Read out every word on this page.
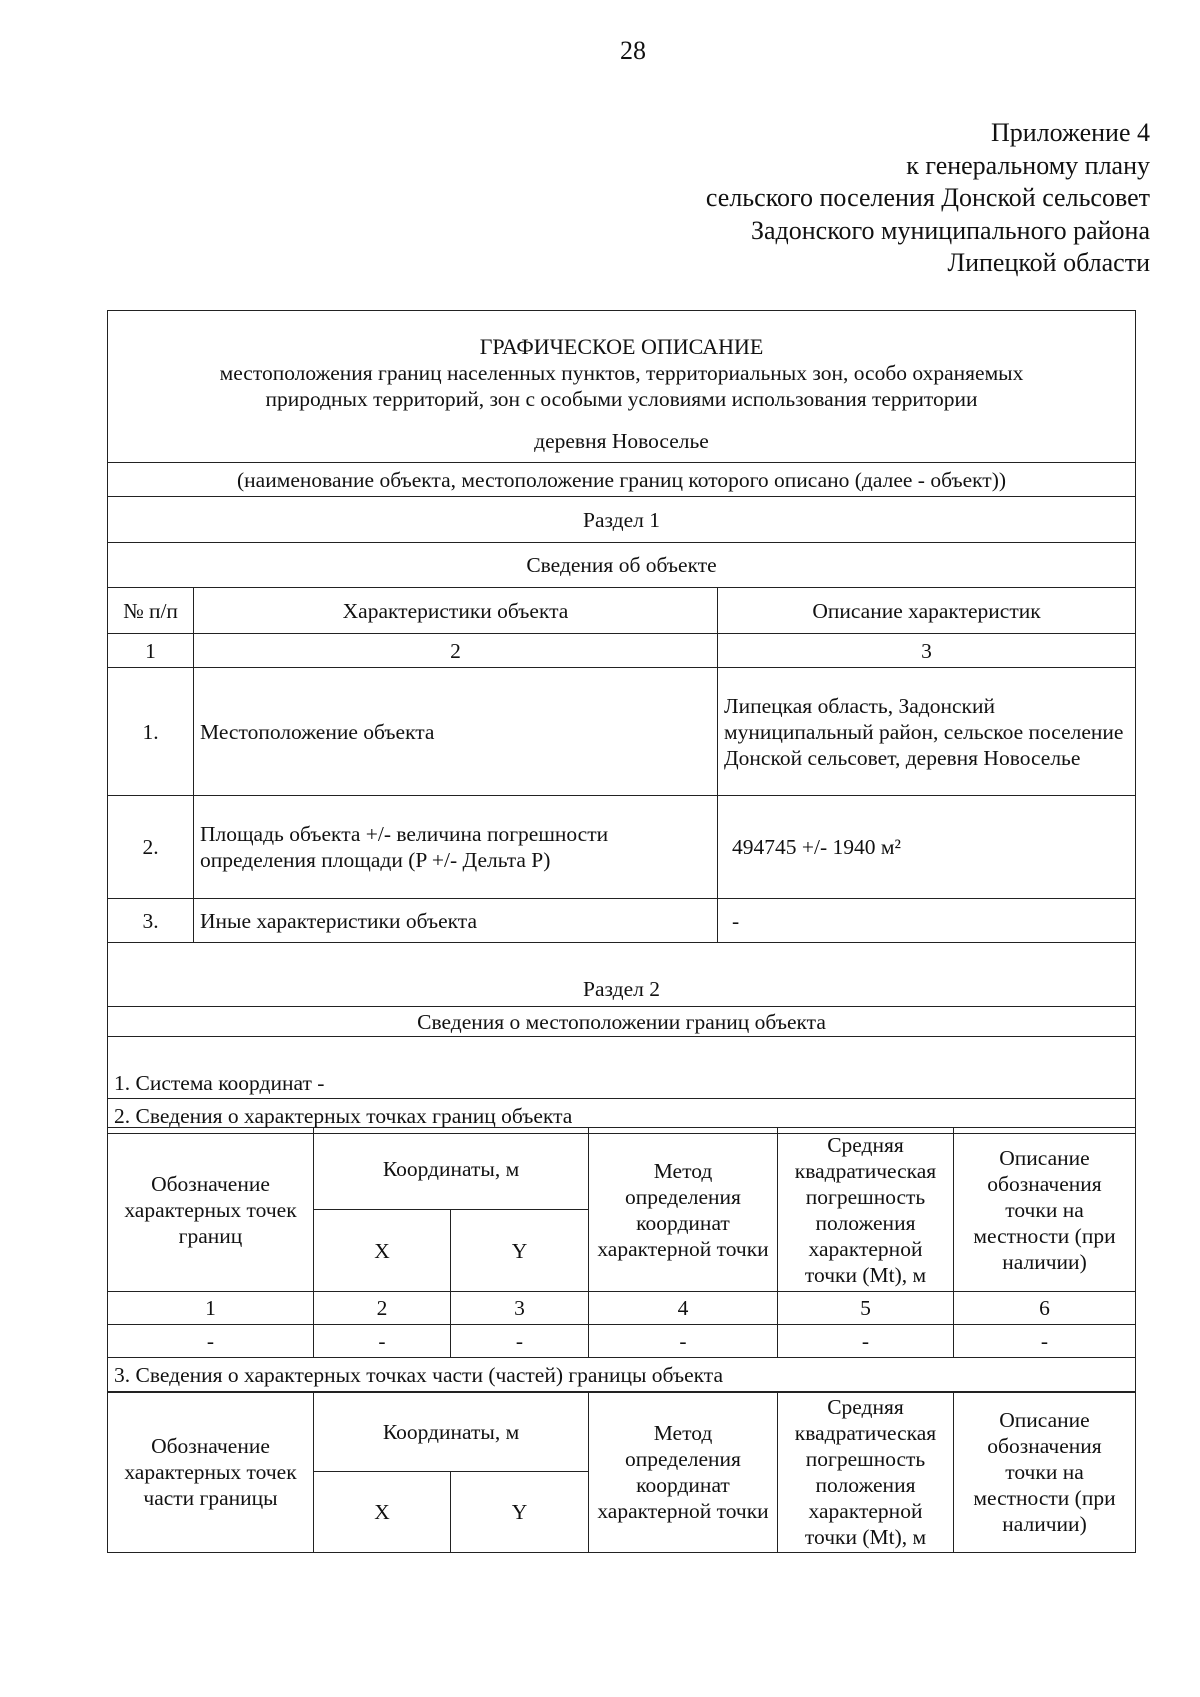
28
Приложение 4
к генеральному плану
сельского поселения Донской сельсовет
Задонского муниципального района
Липецкой области
ГРАФИЧЕСКОЕ ОПИСАНИЕ
местоположения границ населенных пунктов, территориальных зон, особо охраняемых
природных территорий, зон с особыми условиями использования территории
деревня Новоселье		

(наименование объекта, местоположение границ которого описано (далее - объект))		
Раздел 1		
Сведения об объекте		
№ п/п	Характеристики объекта	Описание характеристик
1	2	3
1.	Местоположение объекта	Липецкая область, Задонский муниципальный район, сельское поселение Донской сельсовет, деревня Новоселье
2.	Площадь объекта +/- величина погрешности определения площади (P +/- Дельта P)	494745 +/- 1940 м²
3.	Иные характеристики объекта	-
Раздел 2		
Сведения о местоположении границ объекта		
1. Система координат -		
2. Сведения о характерных точках границ объекта		
Обозначение характерных точек границ	Координаты, м		Метод определения координат характерной точки	Средняя квадратическая погрешность положения характерной точки (Mt), м	Описание обозначения точки на местности (при наличии)
	X	Y			
1	2	3	4	5	6
-	-	-	-	-	-
3. Сведения о характерных точках части (частей) границы объекта					
Обозначение характерных точек части границы	Координаты, м		Метод определения координат характерной точки	Средняя квадратическая погрешность положения характерной точки (Mt), м	Описание обозначения точки на местности (при наличии)
	X	Y			
